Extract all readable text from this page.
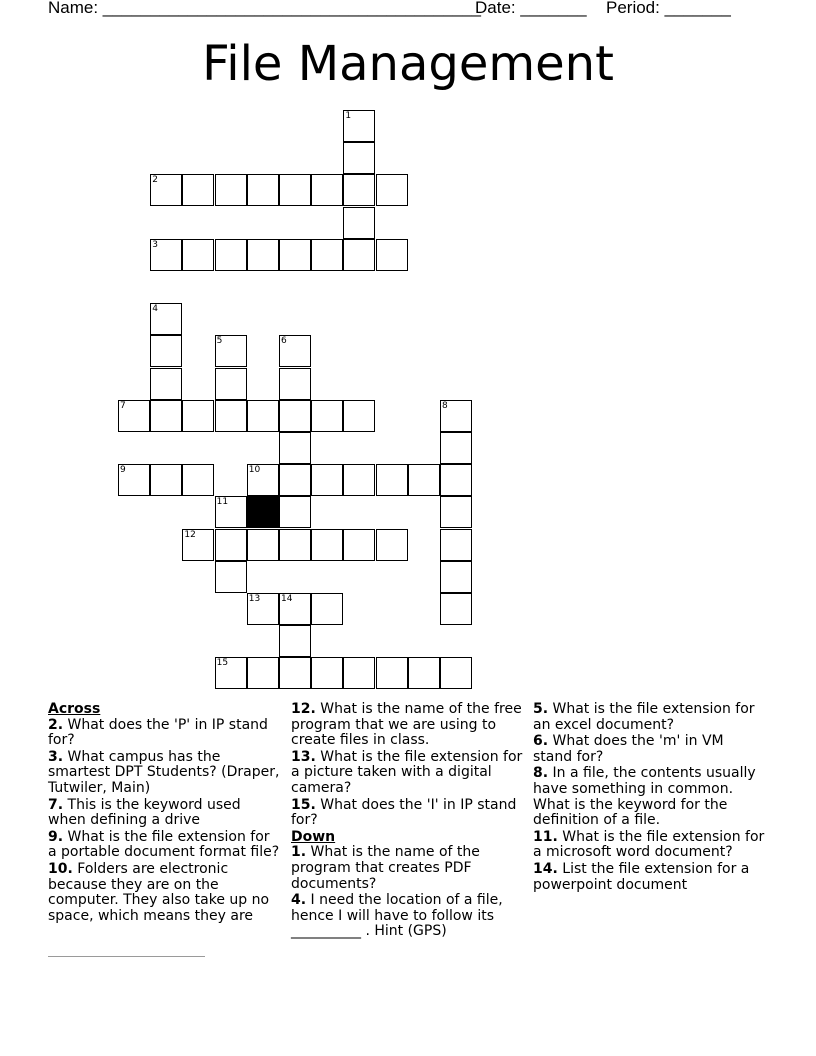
Name: ________________________________________
Date: _______ Period: _______
File Management
1
2
3
4
5	6
7	8
9	10
11
12
13 14
15
Across
2. What does the 'P' in IP stand for?
3. What campus has the smartest DPT Students? (Draper, Tutwiler, Main)
7. This is the keyword used when defining a drive
9. What is the file extension for a portable document format file?
10. Folders are electronic because they are on the computer. They also take up no space, which means they are
12. What is the name of the free program that we are using to create files in class.
13. What is the file extension for a picture taken with a digital camera?
15. What does the 'I' in IP stand for?
Down
1. What is the name of the program that creates PDF documents?
4. I need the location of a file, hence I will have to follow its __________ . Hint (GPS)
5. What is the file extension for an excel document?
6. What does the 'm' in VM stand for?
8. In a file, the contents usually have something in common. What is the keyword for the definition of a file.
11. What is the file extension for a microsoft word document?
14. List the file extension for a powerpoint document
